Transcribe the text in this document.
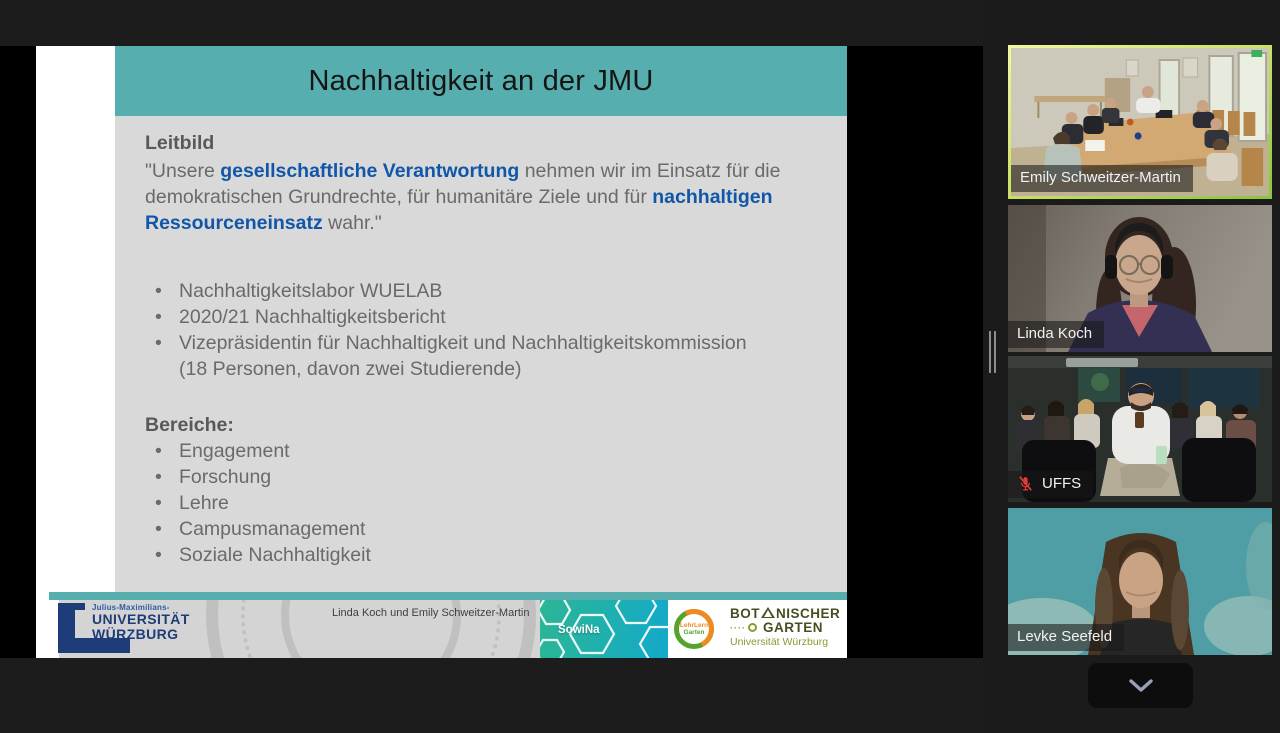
Nachhaltigkeit an der JMU
Leitbild

"Unsere gesellschaftliche Verantwortung nehmen wir im Einsatz für die demokratischen Grundrechte, für humanitäre Ziele und für nachhaltigen Ressourceneinsatz wahr."

• Nachhaltigkeitslabor WUELAB
• 2020/21 Nachhaltigkeitsbericht
• Vizepräsidentin für Nachhaltigkeit und Nachhaltigkeitskommission
(18 Personen, davon zwei Studierende)
Bereiche:
• Engagement
• Forschung
• Lehre
• Campusmanagement
• Soziale Nachhaltigkeit
Julius-Maximilians-
UNIVERSITÄT
WÜRZBURG
Linda Koch und Emily Schweitzer-Martin
SowiNa	LehrLern
Garten
BOT NISCHER
···· GARTEN
Universität Würzburg
Emily Schweitzer-Martin
Linda Koch
UFFS
Levke Seefeld
